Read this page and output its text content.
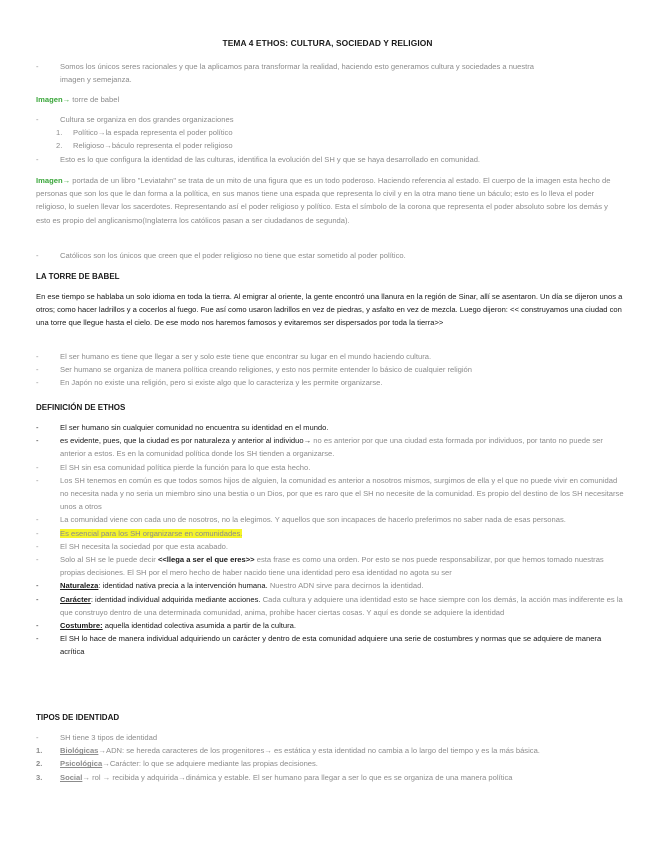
TEMA 4 ETHOS: CULTURA, SOCIEDAD Y RELIGION
-	Somos los únicos seres racionales y que la aplicamos para transformar la realidad, haciendo esto generamos cultura y sociedades a nuestra imagen y semejanza.
Imagen→ torre de babel
-	Cultura se organiza en dos grandes organizaciones
1. Político→la espada representa el poder político
2. Religioso→báculo representa el poder religioso
-	Esto es lo que configura la identidad de las culturas, identifica la evolución del SH y que se haya desarrollado en comunidad.
Imagen→ portada de un libro "Leviatahn" se trata de un mito de una figura que es un todo poderoso. Haciendo referencia al estado. El cuerpo de la imagen esta hecho de personas que son los que le dan forma a la política, en sus manos tiene una espada que representa lo civil y en la otra mano tiene un báculo; esto es lo lleva el poder religioso, lo suelen llevar los sacerdotes. Representando así el poder religioso y político. Esta el símbolo de la corona que representa el poder absoluto sobre los demás y esto es propio del anglicanismo(Inglaterra los católicos pasan a ser ciudadanos de segunda).
-	Católicos son los únicos que creen que el poder religioso no tiene que estar sometido al poder político.
LA TORRE DE BABEL
En ese tiempo se hablaba un solo idioma en toda la tierra. Al emigrar al oriente, la gente encontró una llanura en la región de Sinar, allí se asentaron. Un día se dijeron unos a otros; como hacer ladrillos y a cocerlos al fuego. Fue así como usaron ladrillos en vez de piedras, y asfalto en vez de mezcla. Luego dijeron: << construyamos una ciudad con una torre que llegue hasta el cielo. De ese modo nos haremos famosos y evitaremos ser dispersados por toda la tierra>>
-	El ser humano es tiene que llegar a ser y solo este tiene que encontrar su lugar en el mundo haciendo cultura.
-	Ser humano se organiza de manera política creando religiones, y esto nos permite entender lo básico de cualquier religión
-	En Japón no existe una religión, pero si existe algo que lo caracteriza y les permite organizarse.
DEFINICIÓN DE ETHOS
-	El ser humano sin cualquier comunidad no encuentra su identidad en el mundo.
-	es evidente, pues, que la ciudad es por naturaleza y anterior al individuo→ no es anterior por que una ciudad esta formada por individuos, por tanto no puede ser anterior a estos. Es en la comunidad política donde los SH tienden a organizarse.
-	El SH sin esa comunidad política pierde la función para lo que esta hecho.
-	Los SH tenemos en común es que todos somos hijos de alguien, la comunidad es anterior a nosotros mismos, surgimos de ella y el que no puede vivir en comunidad no necesita nada y no seria un miembro sino una bestia o un Dios, por que es raro que el SH no necesite de la comunidad. Es propio del destino de los SH necesitarse unos a otros
-	La comunidad viene con cada uno de nosotros, no la elegimos. Y aquellos que son incapaces de hacerlo preferimos no saber nada de esas personas.
-	Es esencial para los SH organizarse en comunidades.
-	El SH necesita la sociedad por que esta acabado.
-	Solo al SH se le puede decir <<llega a ser el que eres>> esta frase es como una orden. Por esto se nos puede responsabilizar, por que hemos tomado nuestras propias decisiones. El SH por el mero hecho de haber nacido tiene una identidad pero esa identidad no agota su ser
-	Naturaleza: identidad nativa precia a la intervención humana. Nuestro ADN sirve para decirnos la identidad.
-	Carácter: identidad individual adquirida mediante acciones. Cada cultura y adquiere una identidad esto se hace siempre con los demás, la acción mas indiferente es la que construyo dentro de una determinada comunidad, anima, prohibe hacer ciertas cosas. Y aquí es donde se adquiere la identidad
-	Costumbre: aquella identidad colectiva asumida a partir de la cultura.
-	El SH lo hace de manera individual adquiriendo un carácter y dentro de esta comunidad adquiere una serie de costumbres y normas que se adquiere de manera acrítica
TIPOS DE IDENTIDAD
-	SH tiene 3 tipos de identidad
1. Biológicas→ADN: se hereda caracteres de los progenitores→ es estática y esta identidad no cambia a lo largo del tiempo y es la más básica.
2. Psicológica→Carácter: lo que se adquiere mediante las propias decisiones.
3. Social→ rol → recibida y adquirida→dinámica y estable. El ser humano para llegar a ser lo que es se organiza de una manera política
